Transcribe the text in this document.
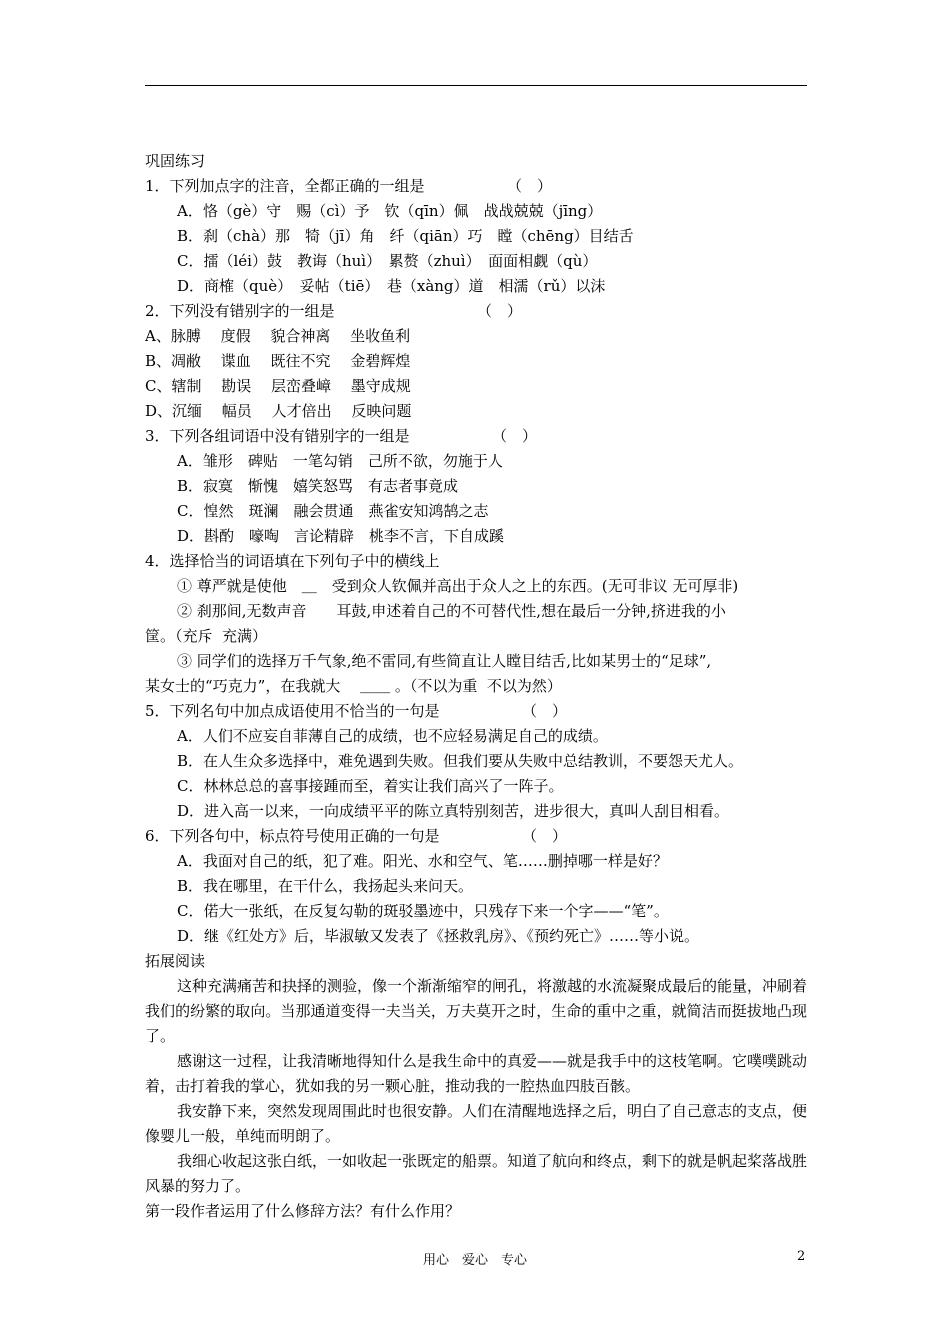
巩固练习
1．下列加点字的注音，全都正确的一组是　　　　　　（　）
A．恪（gè）守　赐（cì）予　钦（qīn）佩　战战兢兢（jīng）
B．刹（chà）那　犄（jī）角　纤（qiān）巧　瞠（chēng）目结舌
C．擂（léi）鼓　教诲（huì）　累赘（zhuì）　面面相觑（qù）
D．商榷（què）　妥帖（tiē）　巷（xàng）道　相濡（rǔ）以沫
2．下列没有错别字的一组是　　　　　　　　　　（　）
A、脉膊　 度假　 貌合神离　 坐收鱼利
B、凋敝　 谍血　 既往不究　 金碧辉煌
C、辖制　 勘误　 层峦叠嶂　 墨守成规
D、沉缅　 幅员　 人才倍出　 反映问题
3．下列各组词语中没有错别字的一组是　　　　　　（　）
A．雏形　碑贴　一笔勾销　己所不欲，勿施于人
B．寂寞　惭愧　嬉笑怒骂　有志者事竟成
C．惶然　斑澜　融会贯通　燕雀安知鸿鹄之志
D．斟酌　嚎啕　言论精辟　桃李不言，下自成蹊
4．选择恰当的词语填在下列句子中的横线上
① 尊严就是使他　＿　受到众人钦佩并高出于众人之上的东西。(无可非议 无可厚非)
② 刹那间,无数声音　　耳鼓,申述着自己的不可替代性,想在最后一分钟,挤进我的小
筐。（充斥  充满）
③ 同学们的选择万千气象,绝不雷同,有些简直让人瞠目结舌,比如某男士的“足球”,
某女士的“巧克力”，在我就大　 ＿＿ 。（不以为重  不以为然）
5．下列名句中加点成语使用不恰当的一句是　　　　　　（　）
A．人们不应妄自菲薄自己的成绩，也不应轻易满足自己的成绩。
B．在人生众多选择中，难免遇到失败。但我们要从失败中总结教训，不要怨天尤人。
C．林林总总的喜事接踵而至，着实让我们高兴了一阵子。
D．进入高一以来，一向成绩平平的陈立真特别刻苦，进步很大，真叫人刮目相看。
6．下列各句中，标点符号使用正确的一句是　　　　　　（　）
A．我面对自己的纸，犯了难。阳光、水和空气、笔……删掉哪一样是好？
B．我在哪里，在干什么，我扬起头来问天。
C．偌大一张纸，在反复勾勒的斑驳墨迹中，只残存下来一个字——“笔”。
D．继《红处方》后，毕淑敏又发表了《拯救乳房》、《预约死亡》……等小说。
拓展阅读
这种充满痛苦和抉择的测验，像一个渐渐缩窄的闸孔，将激越的水流凝聚成最后的能量，冲刷着我们的纷繁的取向。当那通道变得一夫当关，万夫莫开之时，生命的重中之重，就简洁而挺拔地凸现了。
感谢这一过程，让我清晰地得知什么是我生命中的真爱——就是我手中的这枝笔啊。它噗噗跳动着，击打着我的掌心，犹如我的另一颗心脏，推动我的一腔热血四肢百骸。
我安静下来，突然发现周围此时也很安静。人们在清醒地选择之后，明白了自己意志的支点，便像婴儿一般，单纯而明朗了。
我细心收起这张白纸，一如收起一张既定的船票。知道了航向和终点，剩下的就是帆起桨落战胜风暴的努力了。
第一段作者运用了什么修辞方法？有什么作用？
用心　爱心　专心	2
